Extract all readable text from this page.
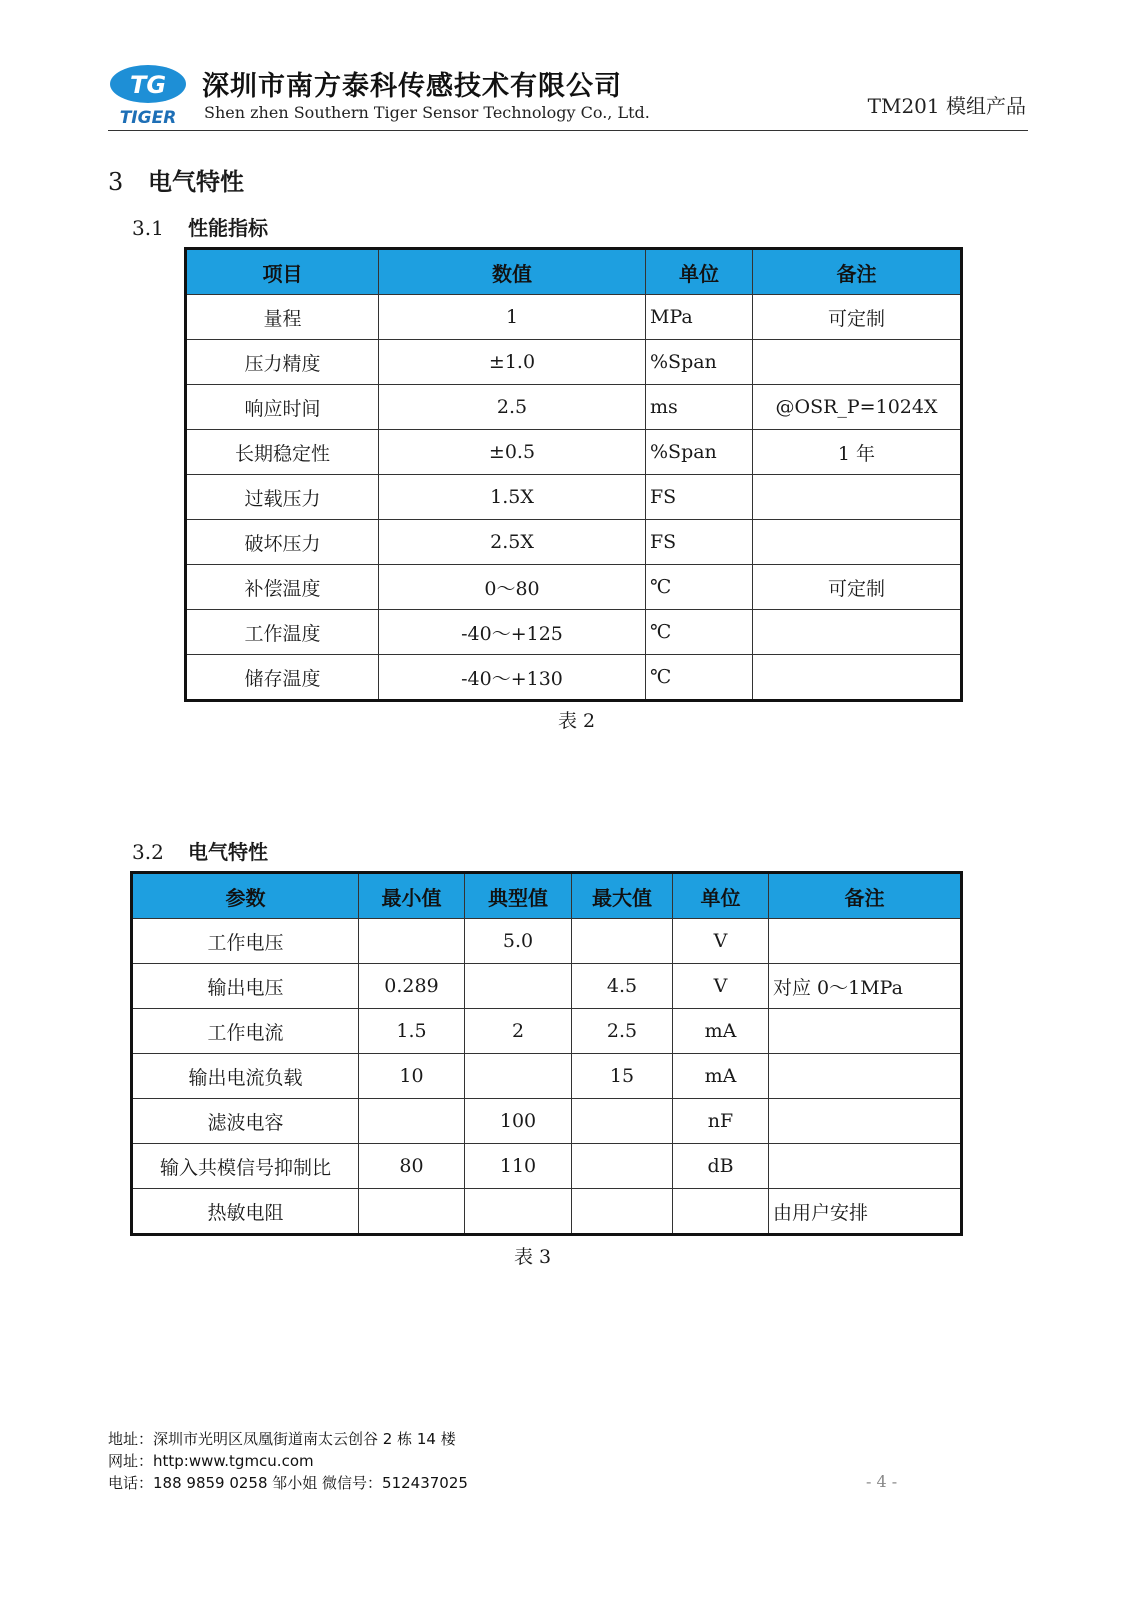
TG
TIGER
深圳市南方泰科传感技术有限公司
Shen zhen Southern Tiger Sensor Technology Co., Ltd.	TM201 模组产品
3 电气特性
3.1 性能指标
项目	数值	单位	备注
量程	1	MPa	可定制
压力精度	±1.0	%Span	
响应时间	2.5	ms	@OSR_P=1024X
长期稳定性	±0.5	%Span	1 年
过载压力	1.5X	FS	
破坏压力	2.5X	FS	
补偿温度	0～80	℃	可定制
工作温度	-40～+125	℃	
储存温度	-40～+130	℃	
表 2
3.2 电气特性
参数	最小值	典型值	最大值	单位	备注
工作电压		5.0		V	
输出电压	0.289		4.5	V	对应 0～1MPa
工作电流	1.5	2	2.5	mA	
输出电流负载	10		15	mA	
滤波电容		100		nF	
输入共模信号抑制比	80	110		dB	
热敏电阻					由用户安排
表 3
地址：深圳市光明区凤凰街道南太云创谷 2 栋 14 楼
网址：http:www.tgmcu.com
电话：188 9859 0258 邹小姐 微信号：512437025	- 4 -
